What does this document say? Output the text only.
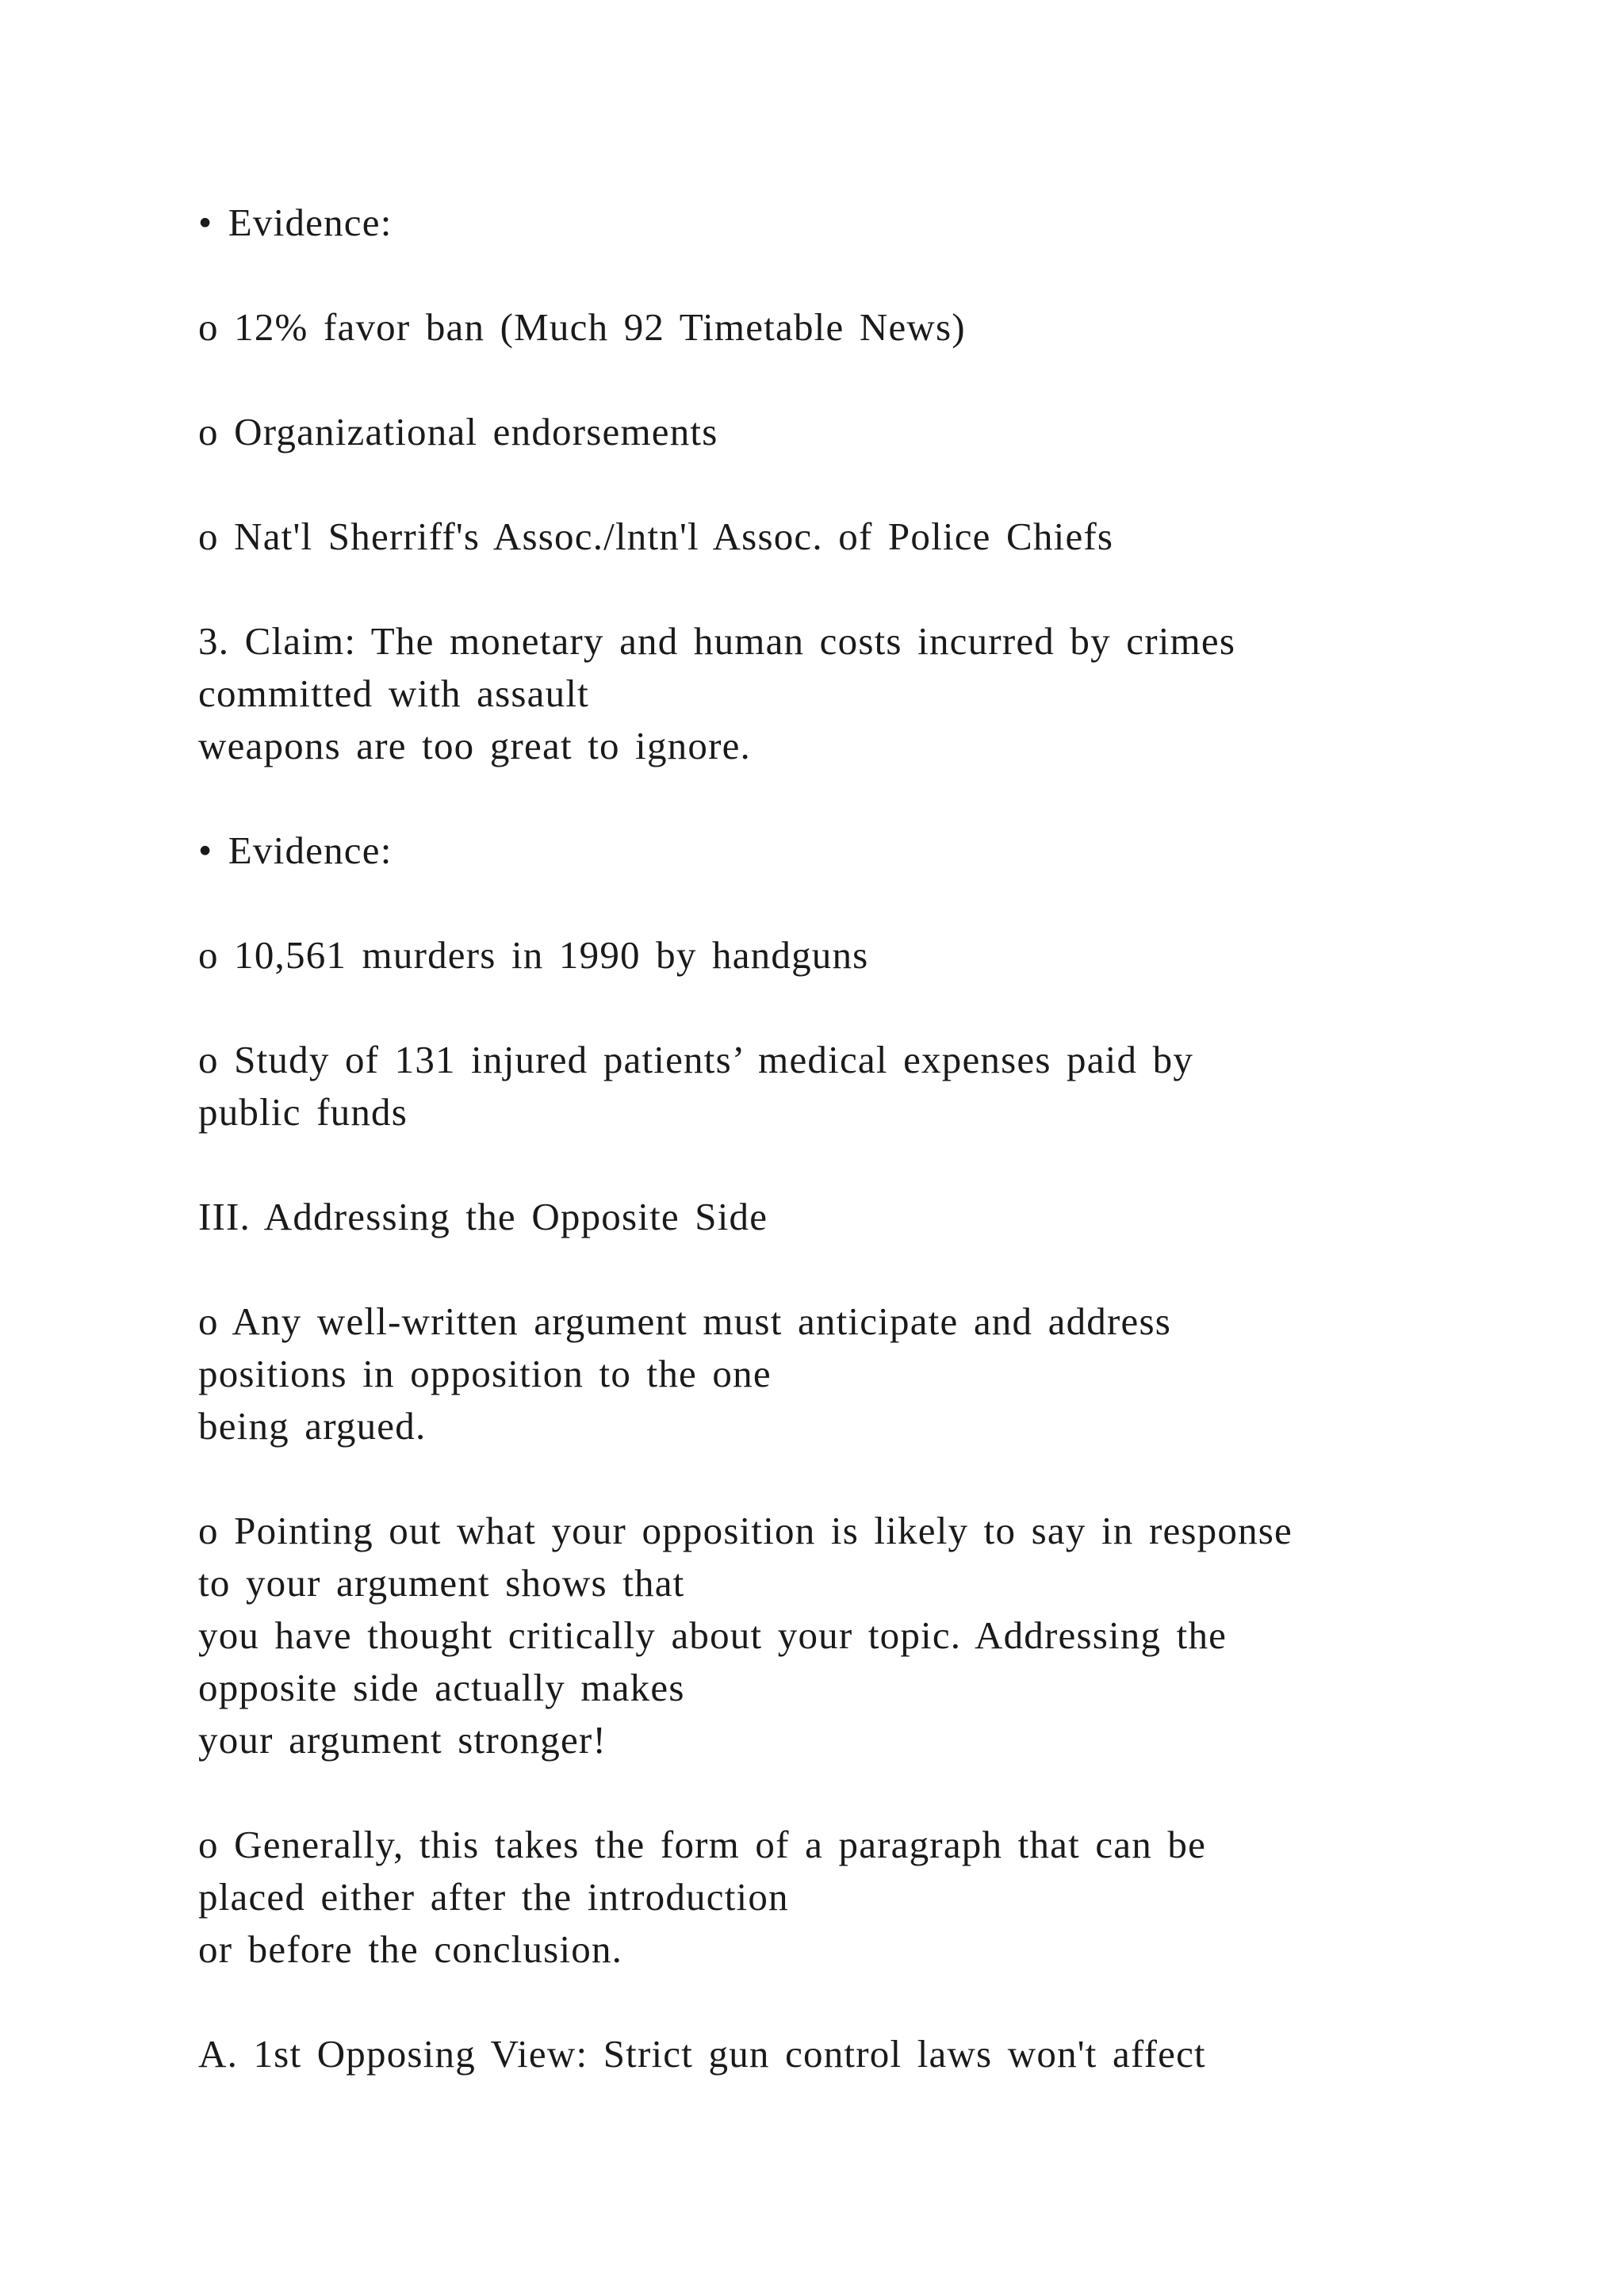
• Evidence:

o 12% favor ban (Much 92 Timetable News)

o Organizational endorsements

o Nat'l Sherriff's Assoc./lntn'l Assoc. of Police Chiefs

3. Claim: The monetary and human costs incurred by crimes
committed with assault
weapons are too great to ignore.

• Evidence:

o 10,561 murders in 1990 by handguns

o Study of 131 injured patients’ medical expenses paid by
public funds

III. Addressing the Opposite Side

o Any well-written argument must anticipate and address
positions in opposition to the one
being argued.

o Pointing out what your opposition is likely to say in response
to your argument shows that
you have thought critically about your topic. Addressing the
opposite side actually makes
your argument stronger!

o Generally, this takes the form of a paragraph that can be
placed either after the introduction
or before the conclusion.

A. 1st Opposing View: Strict gun control laws won't affect
